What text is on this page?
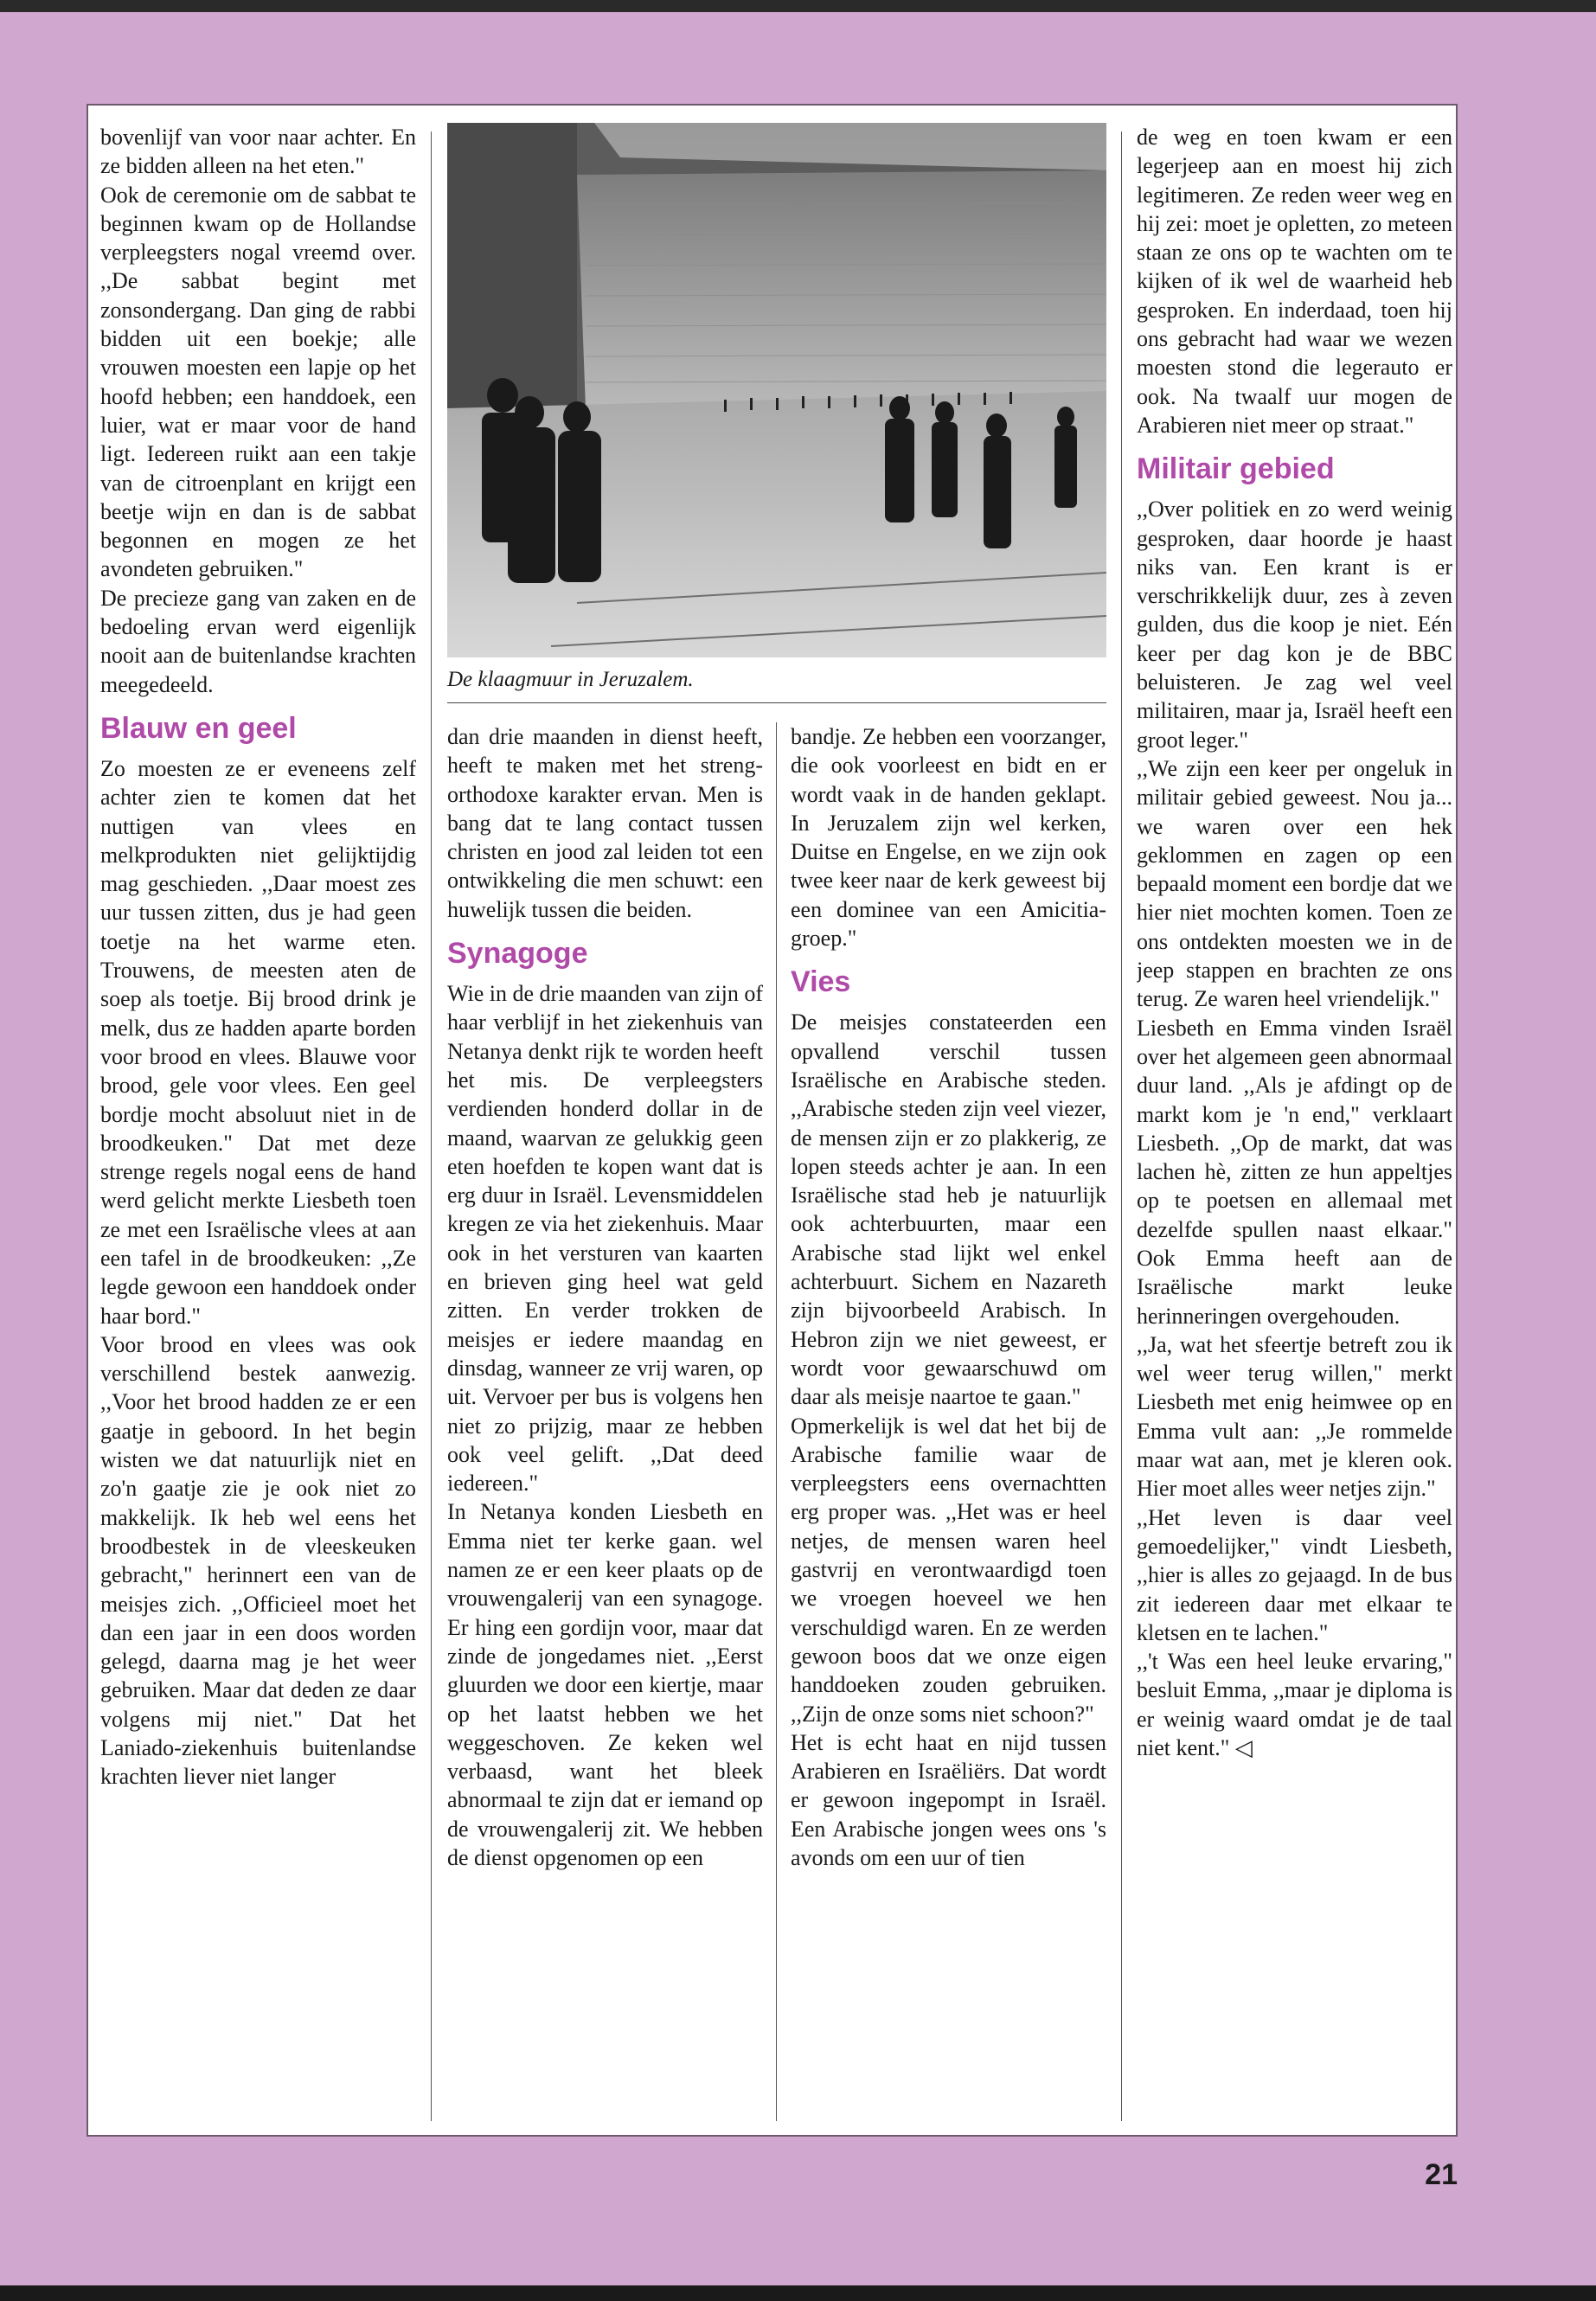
bovenlijf van voor naar achter. En ze bidden alleen na het eten."

Ook de ceremonie om de sabbat te beginnen kwam op de Hollandse verpleegsters nogal vreemd over. ,,De sabbat begint met zonsondergang. Dan ging de rabbi bidden uit een boekje; alle vrouwen moesten een lapje op het hoofd hebben; een handdoek, een luier, wat er maar voor de hand ligt. Iedereen ruikt aan een takje van de citroenplant en krijgt een beetje wijn en dan is de sabbat begonnen en mogen ze het avondeten gebruiken."

De precieze gang van zaken en de bedoeling ervan werd eigenlijk nooit aan de buitenlandse krachten meegedeeld.

Blauw en geel

Zo moesten ze er eveneens zelf achter zien te komen dat het nuttigen van vlees en melkprodukten niet gelijktijdig mag geschieden. ,,Daar moest zes uur tussen zitten, dus je had geen toetje na het warme eten. Trouwens, de meesten aten de soep als toetje. Bij brood drink je melk, dus ze hadden aparte borden voor brood en vlees. Blauwe voor brood, gele voor vlees. Een geel bordje mocht absoluut niet in de broodkeuken." Dat met deze strenge regels nogal eens de hand werd gelicht merkte Liesbeth toen ze met een Israëlische vlees at aan een tafel in de broodkeuken: ,,Ze legde gewoon een handdoek onder haar bord."

Voor brood en vlees was ook verschillend bestek aanwezig. ,,Voor het brood hadden ze er een gaatje in geboord. In het begin wisten we dat natuurlijk niet en zo'n gaatje zie je ook niet zo makkelijk. Ik heb wel eens het broodbestek in de vleeskeuken gebracht," herinnert een van de meisjes zich. ,,Officieel moet het dan een jaar in een doos worden gelegd, daarna mag je het weer gebruiken. Maar dat deden ze daar volgens mij niet." Dat het Laniado-ziekenhuis buitenlandse krachten liever niet langer

De klaagmuur in Jeruzalem.

dan drie maanden in dienst heeft, heeft te maken met het streng-orthodoxe karakter ervan. Men is bang dat te lang contact tussen christen en jood zal leiden tot een ontwikkeling die men schuwt: een huwelijk tussen die beiden.

Synagoge

Wie in de drie maanden van zijn of haar verblijf in het ziekenhuis van Netanya denkt rijk te worden heeft het mis. De verpleegsters verdienden honderd dollar in de maand, waarvan ze gelukkig geen eten hoefden te kopen want dat is erg duur in Israël. Levensmiddelen kregen ze via het ziekenhuis. Maar ook in het versturen van kaarten en brieven ging heel wat geld zitten. En verder trokken de meisjes er iedere maandag en dinsdag, wanneer ze vrij waren, op uit. Vervoer per bus is volgens hen niet zo prijzig, maar ze hebben ook veel gelift. ,,Dat deed iedereen."

In Netanya konden Liesbeth en Emma niet ter kerke gaan. wel namen ze er een keer plaats op de vrouwengalerij van een synagoge. Er hing een gordijn voor, maar dat zinde de jongedames niet. ,,Eerst gluurden we door een kiertje, maar op het laatst hebben we het weggeschoven. Ze keken wel verbaasd, want het bleek abnormaal te zijn dat er iemand op de vrouwengalerij zit. We hebben de dienst opgenomen op een

bandje. Ze hebben een voorzanger, die ook voorleest en bidt en er wordt vaak in de handen geklapt. In Jeruzalem zijn wel kerken, Duitse en Engelse, en we zijn ook twee keer naar de kerk geweest bij een dominee van een Amicitia-groep."

Vies

De meisjes constateerden een opvallend verschil tussen Israëlische en Arabische steden. ,,Arabische steden zijn veel viezer, de mensen zijn er zo plakkerig, ze lopen steeds achter je aan. In een Israëlische stad heb je natuurlijk ook achterbuurten, maar een Arabische stad lijkt wel enkel achterbuurt. Sichem en Nazareth zijn bijvoorbeeld Arabisch. In Hebron zijn we niet geweest, er wordt voor gewaarschuwd om daar als meisje naartoe te gaan."

Opmerkelijk is wel dat het bij de Arabische familie waar de verpleegsters eens overnachtten erg proper was. ,,Het was er heel netjes, de mensen waren heel gastvrij en verontwaardigd toen we vroegen hoeveel we hen verschuldigd waren. En ze werden gewoon boos dat we onze eigen handdoeken zouden gebruiken. ,,Zijn de onze soms niet schoon?"

Het is echt haat en nijd tussen Arabieren en Israëliërs. Dat wordt er gewoon ingepompt in Israël. Een Arabische jongen wees ons 's avonds om een uur of tien

de weg en toen kwam er een legerjeep aan en moest hij zich legitimeren. Ze reden weer weg en hij zei: moet je opletten, zo meteen staan ze ons op te wachten om te kijken of ik wel de waarheid heb gesproken. En inderdaad, toen hij ons gebracht had waar we wezen moesten stond die legerauto er ook. Na twaalf uur mogen de Arabieren niet meer op straat."

Militair gebied

,,Over politiek en zo werd weinig gesproken, daar hoorde je haast niks van. Een krant is er verschrikkelijk duur, zes à zeven gulden, dus die koop je niet. Eén keer per dag kon je de BBC beluisteren. Je zag wel veel militairen, maar ja, Israël heeft een groot leger."

,,We zijn een keer per ongeluk in militair gebied geweest. Nou ja... we waren over een hek geklommen en zagen op een bepaald moment een bordje dat we hier niet mochten komen. Toen ze ons ontdekten moesten we in de jeep stappen en brachten ze ons terug. Ze waren heel vriendelijk."

Liesbeth en Emma vinden Israël over het algemeen geen abnormaal duur land. ,,Als je afdingt op de markt kom je 'n end," verklaart Liesbeth. ,,Op de markt, dat was lachen hè, zitten ze hun appeltjes op te poetsen en allemaal met dezelfde spullen naast elkaar." Ook Emma heeft aan de Israëlische markt leuke herinneringen overgehouden.

,,Ja, wat het sfeertje betreft zou ik wel weer terug willen," merkt Liesbeth met enig heimwee op en Emma vult aan: ,,Je rommelde maar wat aan, met je kleren ook. Hier moet alles weer netjes zijn."

,,Het leven is daar veel gemoedelijker," vindt Liesbeth, ,,hier is alles zo gejaagd. In de bus zit iedereen daar met elkaar te kletsen en te lachen."

,,'t Was een heel leuke ervaring," besluit Emma, ,,maar je diploma is er weinig waard omdat je de taal niet kent." ◁

21
